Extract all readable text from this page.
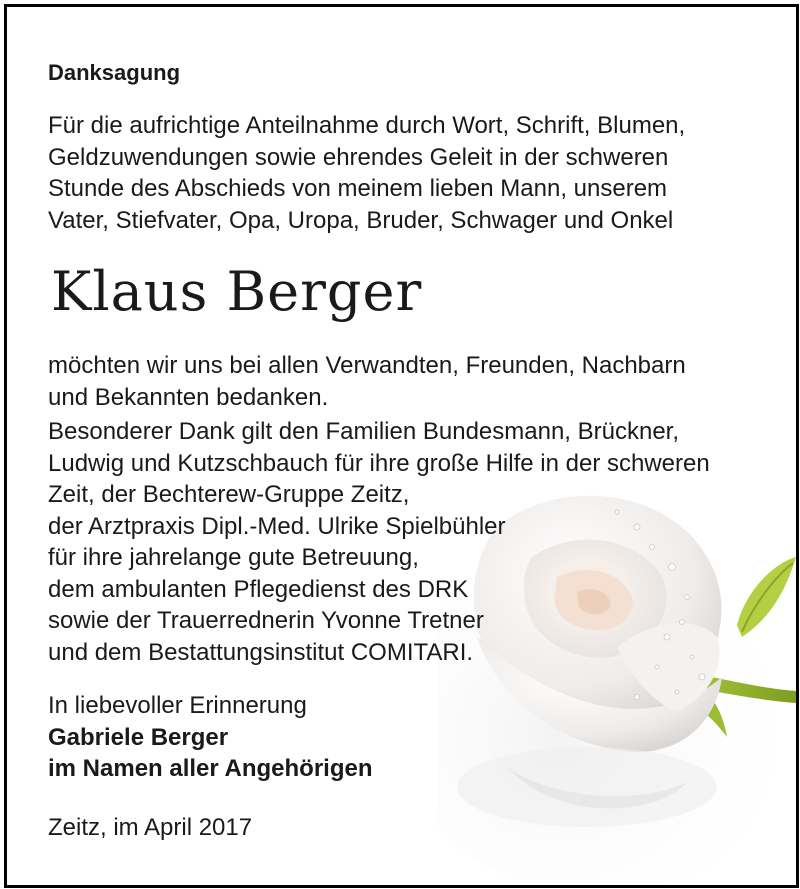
Danksagung

Für die aufrichtige Anteilnahme durch Wort, Schrift, Blumen,
Geldzuwendungen sowie ehrendes Geleit in der schweren
Stunde des Abschieds von meinem lieben Mann, unserem
Vater, Stiefvater, Opa, Uropa, Bruder, Schwager und Onkel

Klaus Berger

möchten wir uns bei allen Verwandten, Freunden, Nachbarn
und Bekannten bedanken.

Besonderer Dank gilt den Familien Bundesmann, Brückner,
Ludwig und Kutzschbauch für ihre große Hilfe in der schweren
Zeit, der Bechterew-Gruppe Zeitz,
der Arztpraxis Dipl.-Med. Ulrike Spielbühler
für ihre jahrelange gute Betreuung,
dem ambulanten Pflegedienst des DRK
sowie der Trauerrednerin Yvonne Tretner
und dem Bestattungsinstitut COMITARI.

In liebevoller Erinnerung
Gabriele Berger
im Namen aller Angehörigen

Zeitz, im April 2017
